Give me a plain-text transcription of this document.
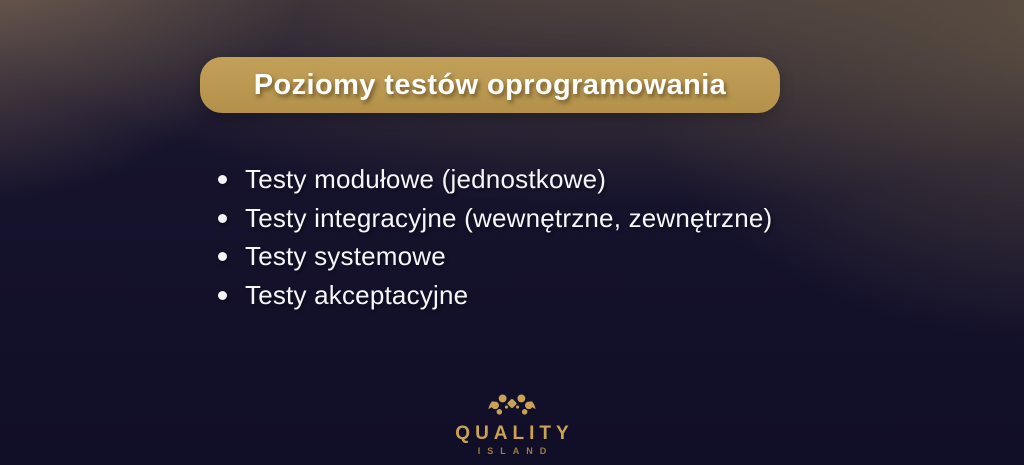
Poziomy testów oprogramowania
Testy modułowe (jednostkowe)
Testy integracyjne (wewnętrzne, zewnętrzne)
Testy systemowe
Testy akceptacyjne
QUALITY
ISLAND
